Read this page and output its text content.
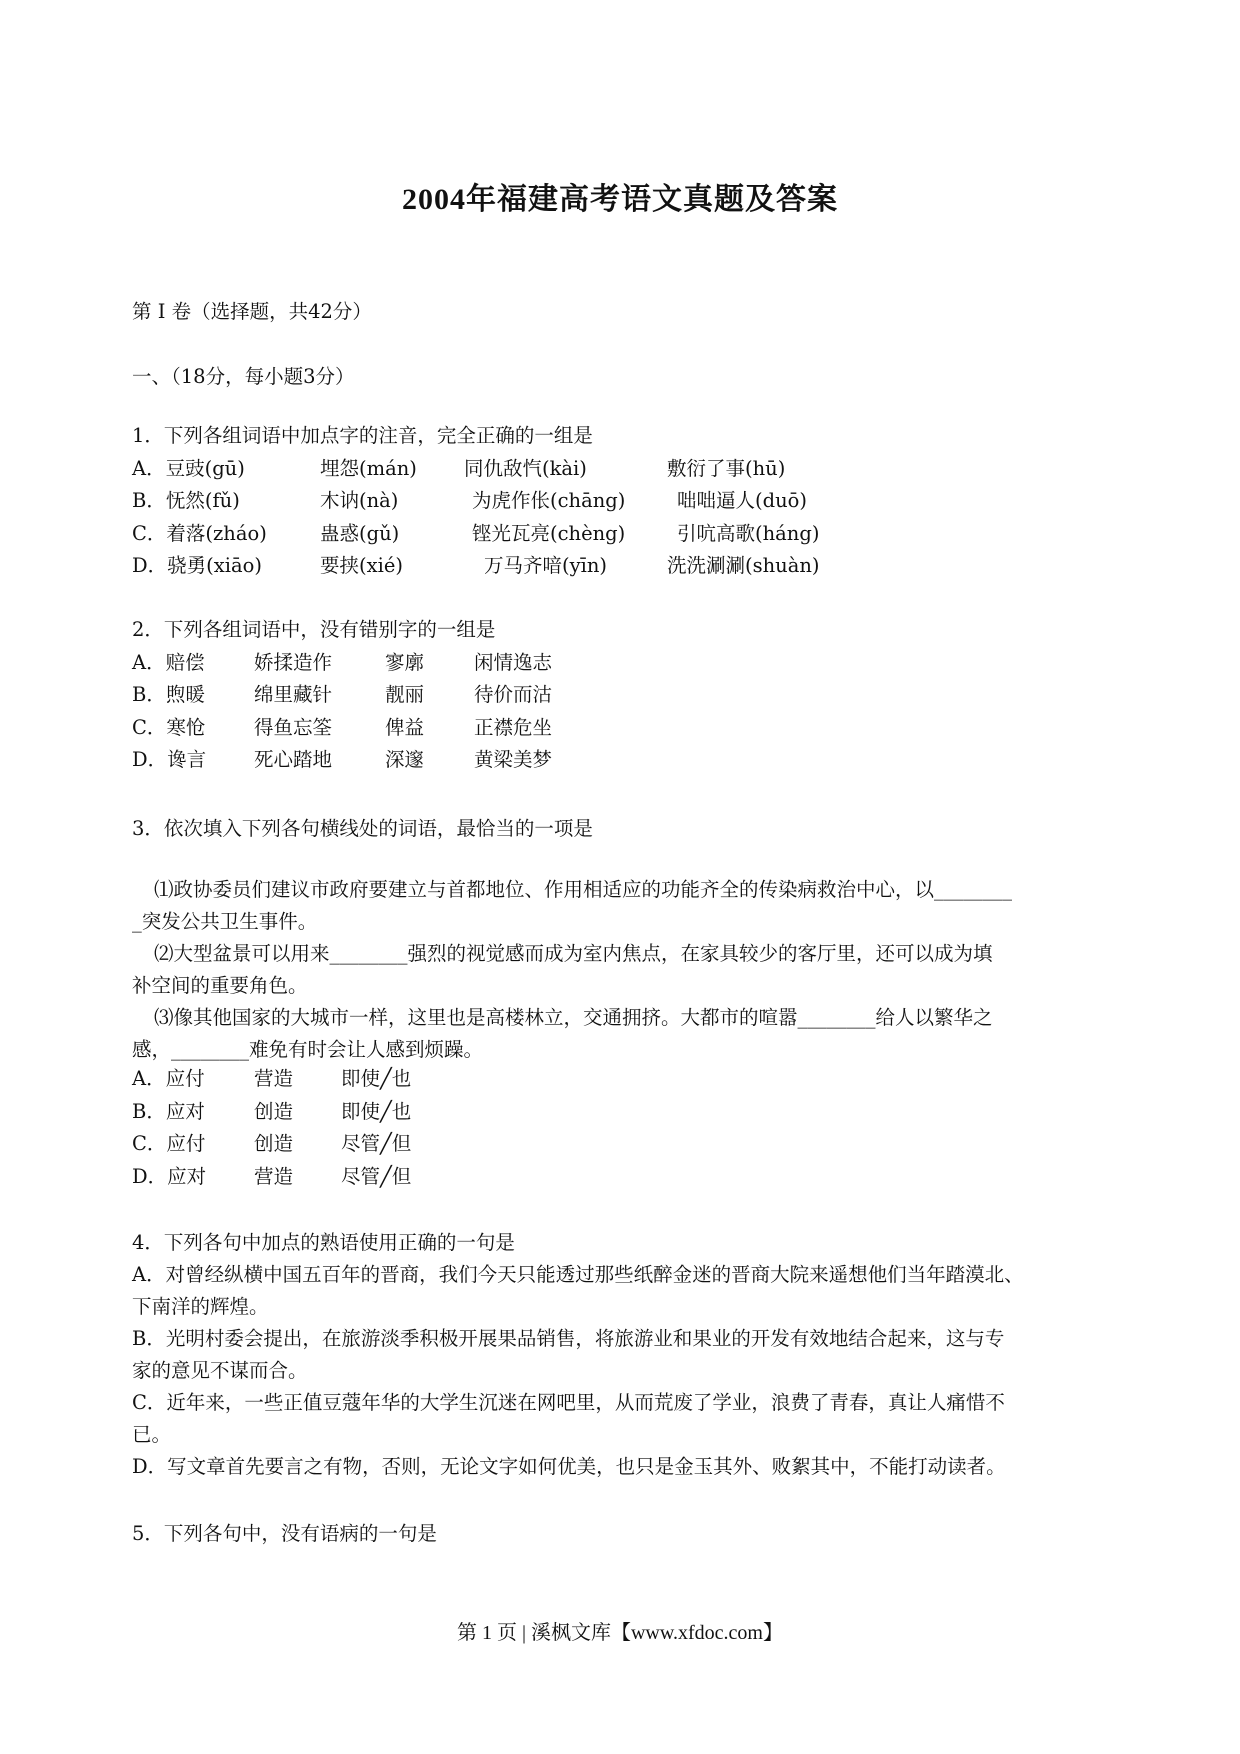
2004年福建高考语文真题及答案
第 I 卷（选择题，共42分）
一、（18分，每小题3分）
1．下列各组词语中加点字的注音，完全正确的一组是
A．豆豉(gū)	埋怨(mán) 同仇敌忾(kài)	敷衍了事(hū)
B．怃然(fǔ)	木讷(nà)	为虎作伥(chāng)	咄咄逼人(duō)
C．着落(zháo)	蛊惑(gǔ)	铿光瓦亮(chèng)	引吭高歌(háng)
D．骁勇(xiāo)	要挟(xié)	万马齐喑(yīn)	洗洗涮涮(shuàn)
2．下列各组词语中，没有错别字的一组是
A．赔偿	娇揉造作	寥廓	闲情逸志
B．煦暖	绵里藏针	靓丽	待价而沽
C．寒怆 得鱼忘筌	俾益	正襟危坐
D．谗言 死心踏地	深邃	黄梁美梦
3．依次填入下列各句横线处的词语，最恰当的一项是

⑴政协委员们建议市政府要建立与首都地位、作用相适应的功能齐全的传染病救治中心，以________

_突发公共卫生事件。

⑵大型盆景可以用来________强烈的视觉感而成为室内焦点，在家具较少的客厅里，还可以成为填

补空间的重要角色。

⑶像其他国家的大城市一样，这里也是高楼林立，交通拥挤。大都市的喧嚣________给人以繁华之

感，________难免有时会让人感到烦躁。

A．应付	营造 即使╱也
B．应对	创造 即使╱也
C．应付 创造 尽管╱但
D．应对 营造 尽管╱但

4．下列各句中加点的熟语使用正确的一句是

A．对曾经纵横中国五百年的晋商，我们今天只能透过那些纸醉金迷的晋商大院来遥想他们当年踏漠北、

下南洋的辉煌。

B．光明村委会提出，在旅游淡季积极开展果品销售，将旅游业和果业的开发有效地结合起来，这与专

家的意见不谋而合。

C．近年来，一些正值豆蔻年华的大学生沉迷在网吧里，从而荒废了学业，浪费了青春，真让人痛惜不

已。

D．写文章首先要言之有物，否则，无论文字如何优美，也只是金玉其外、败絮其中，不能打动读者。

5．下列各句中，没有语病的一句是
第 1 页 | 溪枫文库【www.xfdoc.com】
